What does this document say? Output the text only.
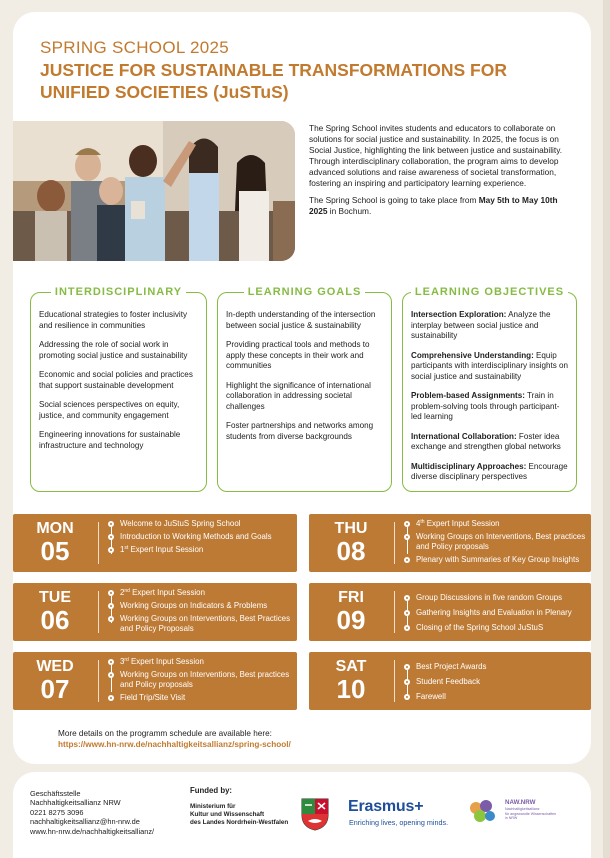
SPRING SCHOOL 2025
JUSTICE FOR SUSTAINABLE TRANSFORMATIONS FOR UNIFIED SOCIETIES (JuSTuS)

The Spring School invites students and educators to collaborate on solutions for social justice and sustainability. In 2025, the focus is on Social Justice, highlighting the link between justice and sustainability. Through interdisciplinary collaboration, the program aims to develop advanced solutions and raise awareness of societal transformation, fostering an inspiring and participatory learning experience.

The Spring School is going to take place from May 5th to May 10th 2025 in Bochum.

INTERDISCIPLINARY
Educational strategies to foster inclusivity and resilience in communities
Addressing the role of social work in promoting social justice and sustainability
Economic and social policies and practices that support sustainable development
Social sciences perspectives on equity, justice, and community engagement
Engineering innovations for sustainable infrastructure and technology
LEARNING GOALS
In-depth understanding of the intersection between social justice & sustainability
Providing practical tools and methods to apply these concepts in their work and communities
Highlight the significance of international collaboration in addressing societal challenges
Foster partnerships and networks among students from diverse backgrounds
LEARNING OBJECTIVES
Intersection Exploration: Analyze the interplay between social justice and sustainability
Comprehensive Understanding: Equip participants with interdisciplinary insights on social justice and sustainability
Problem-based Assignments: Train in problem-solving tools through participant-led learning
International Collaboration: Foster idea exchange and strengthen global networks
Multidisciplinary Approaches: Encourage diverse disciplinary perspectives
MON
05
Welcome to JuStuS Spring School
Introduction to Working Methods and Goals
1st Expert Input Session
TUE
06
2nd Expert Input Session
Working Groups on Indicators & Problems
Working Groups on Interventions, Best Practices and Policy Proposals
WED
07
3rd Expert Input Session
Working Groups on Interventions, Best practices and Policy proposals
Field Trip/Site Visit
THU
08
4th Expert Input Session
Working Groups on Interventions, Best practices and Policy proposals
Plenary with Summaries of Key Group Insights
FRI
09
Group Discussions in five random Groups
Gathering Insights and Evaluation in Plenary
Closing of the Spring School JuStuS
SAT
10
Best Project Awards
Student Feedback
Farewell
More details on the programm schedule are available here:
https://www.hn-nrw.de/nachhaltigkeitsallianz/spring-school/
Geschäftsstelle
Nachhaltigkeitsallianz NRW
0221 8275 3096
nachhaltigkeitsallianz@hn-nrw.de
www.hn-nrw.de/nachhaltigkeitsallianz/
Funded by:
Ministerium für
Kultur und Wissenschaft
des Landes Nordrhein-Westfalen
Erasmus+
Enriching lives, opening minds.
NAW.NRW
Nachhaltigkeitsallianz
für angewandte Wissenschaften
in NRW
